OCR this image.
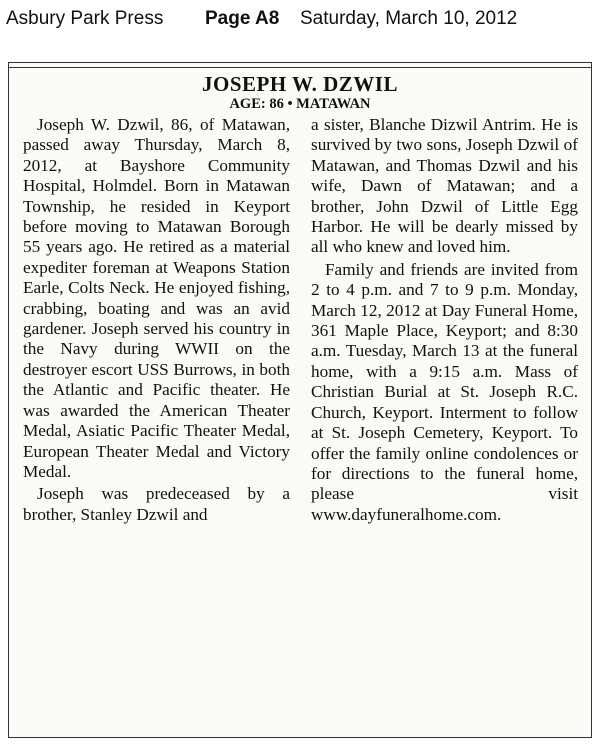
Asbury Park Press Page A8 Saturday, March 10, 2012
JOSEPH W. DZWIL
AGE: 86 • MATAWAN

Joseph W. Dzwil, 86, of Matawan, passed away Thursday, March 8, 2012, at Bayshore Community Hospital, Holmdel. Born in Matawan Township, he resided in Keyport before moving to Matawan Borough 55 years ago. He retired as a material expediter foreman at Weapons Station Earle, Colts Neck. He enjoyed fishing, crabbing, boating and was an avid gardener. Joseph served his country in the Navy during WWII on the destroyer escort USS Burrows, in both the Atlantic and Pacific theater. He was awarded the American Theater Medal, Asiatic Pacific Theater Medal, European Theater Medal and Victory Medal.

Joseph was predeceased by a brother, Stanley Dzwil and

a sister, Blanche Dizwil Antrim. He is survived by two sons, Joseph Dzwil of Matawan, and Thomas Dzwil and his wife, Dawn of Matawan; and a brother, John Dzwil of Little Egg Harbor. He will be dearly missed by all who knew and loved him.

Family and friends are invited from 2 to 4 p.m. and 7 to 9 p.m. Monday, March 12, 2012 at Day Funeral Home, 361 Maple Place, Keyport; and 8:30 a.m. Tuesday, March 13 at the funeral home, with a 9:15 a.m. Mass of Christian Burial at St. Joseph R.C. Church, Keyport. Interment to follow at St. Joseph Cemetery, Keyport. To offer the family online condolences or for directions to the funeral home, please visit www.dayfuneralhome.com.
